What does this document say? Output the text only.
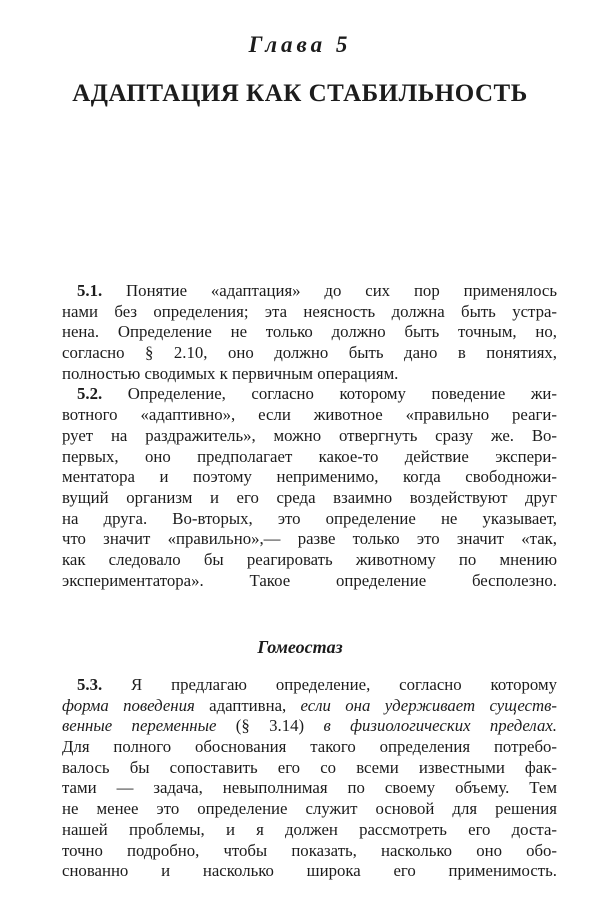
Глава 5
АДАПТАЦИЯ КАК СТАБИЛЬНОСТЬ
5.1. Понятие «адаптация» до сих пор применялось
нами без определения; эта неясность должна быть устра-
нена. Определение не только должно быть точным, но,
согласно § 2.10, оно должно быть дано в понятиях,
полностью сводимых к первичным операциям.
5.2. Определение, согласно которому поведение жи-
вотного «адаптивно», если животное «правильно реаги-
рует на раздражитель», можно отвергнуть сразу же. Во-
первых, оно предполагает какое-то действие экспери-
ментатора и поэтому неприменимо, когда свободножи-
вущий организм и его среда взаимно воздействуют друг
на друга. Во-вторых, это определение не указывает,
что значит «правильно»,— разве только это значит «так,
как следовало бы реагировать животному по мнению
экспериментатора». Такое определение бесполезно.
Гомеостаз
5.3. Я предлагаю определение, согласно которому
форма поведения адаптивна, если она удерживает существ-
венные переменные (§ 3.14) в физиологических пределах.
Для полного обоснования такого определения потребо-
валось бы сопоставить его со всеми известными фак-
тами — задача, невыполнимая по своему объему. Тем
не менее это определение служит основой для решения
нашей проблемы, и я должен рассмотреть его доста-
точно подробно, чтобы показать, насколько оно обо-
снованно и насколько широка его применимость.
